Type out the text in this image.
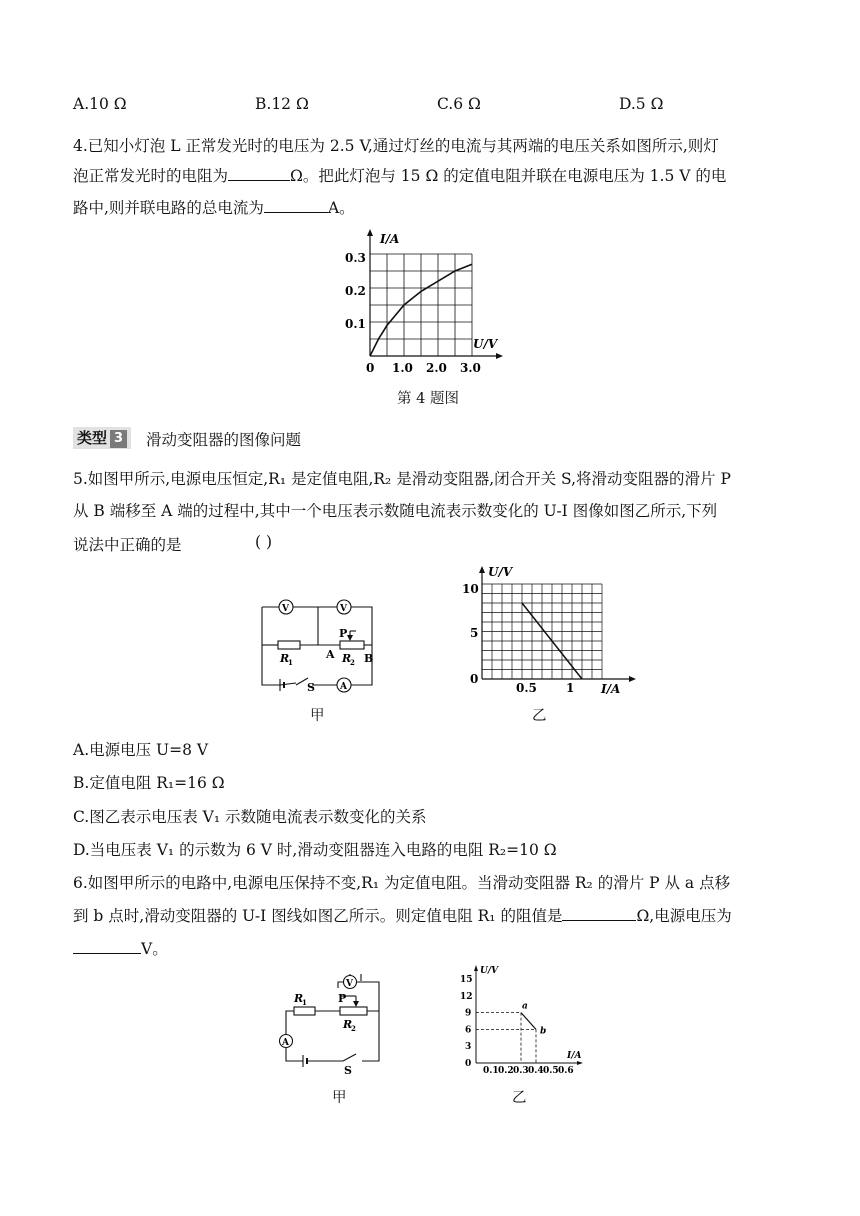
A.10 Ω	B.12 Ω	C.6 Ω	D.5 Ω
4.已知小灯泡 L 正常发光时的电压为 2.5 V,通过灯丝的电流与其两端的电压关系如图所示,则灯
泡正常发光时的电阻为	Ω。把此灯泡与 15 Ω 的定值电阻并联在电源电压为 1.5 V 的电
路中,则并联电路的总电流为	A。
I/A
U/V
0 1.0 2.0 3.0
0.1
0.2
0.3
第 4 题图
类型 3	滑动变阻器的图像问题
5.如图甲所示,电源电压恒定,R₁ 是定值电阻,R₂ 是滑动变阻器,闭合开关 S,将滑动变阻器的滑片 P
从 B 端移至 A 端的过程中,其中一个电压表示数随电流表示数变化的 U-I 图像如图乙所示,下列
说法中正确的是	( )
V	V
A
P
R
1	R
2
A	B
S
甲
U/V
I/A
0
5
10
0.5 1
乙
A.电源电压 U=8 V
B.定值电阻 R₁=16 Ω
C.图乙表示电压表 V₁ 示数随电流表示数变化的关系
D.当电压表 V₁ 的示数为 6 V 时,滑动变阻器连入电路的电阻 R₂=10 Ω
6.如图甲所示的电路中,电源电压保持不变,R₁ 为定值电阻。当滑动变阻器 R₂ 的滑片 P 从 a 点移
到 b 点时,滑动变阻器的 U-I 图线如图乙所示。则定值电阻 R₁ 的阻值是	Ω,电源电压为
V。
V
A
R
1	P
R
2
S
甲
a
b
U/V
I/A
0
3
6
9
12
15
0.1 0.2 0.3 0.4 0.5 0.6
乙
